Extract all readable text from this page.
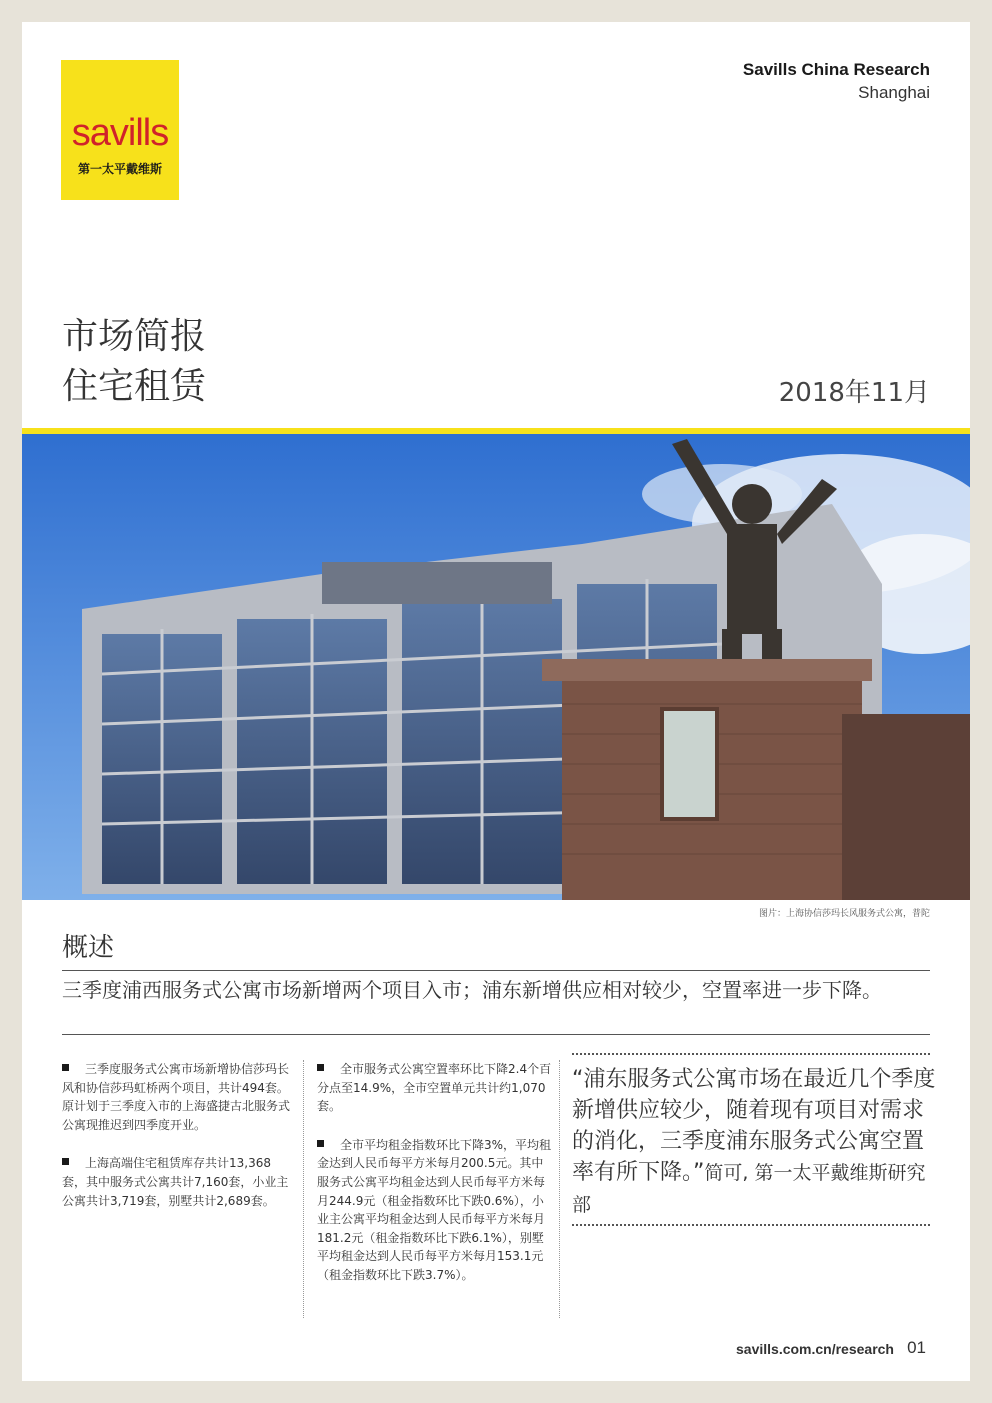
savills
第一太平戴维斯
Savills China Research
Shanghai
市场简报
住宅租赁	2018年11月
图片：上海协信莎玛长风服务式公寓，普陀
概述
三季度浦西服务式公寓市场新增两个项目入市；浦东新增供应相对较少，空置率进一步下降。
三季度服务式公寓市场新增协信莎玛长风和协信莎玛虹桥两个项目，共计494套。原计划于三季度入市的上海盛捷古北服务式公寓现推迟到四季度开业。
上海高端住宅租赁库存共计13,368套，其中服务式公寓共计7,160套，小业主公寓共计3,719套，别墅共计2,689套。
全市服务式公寓空置率环比下降2.4个百分点至14.9%，全市空置单元共计约1,070套。
全市平均租金指数环比下降3%，平均租金达到人民币每平方米每月200.5元。其中服务式公寓平均租金达到人民币每平方米每月244.9元（租金指数环比下跌0.6%），小业主公寓平均租金达到人民币每平方米每月181.2元（租金指数环比下跌6.1%），别墅平均租金达到人民币每平方米每月153.1元（租金指数环比下跌3.7%）。
“浦东服务式公寓市场在最近几个季度新增供应较少，随着现有项目对需求的消化，三季度浦东服务式公寓空置率有所下降。”简可, 第一太平戴维斯研究部
savills.com.cn/research 01
